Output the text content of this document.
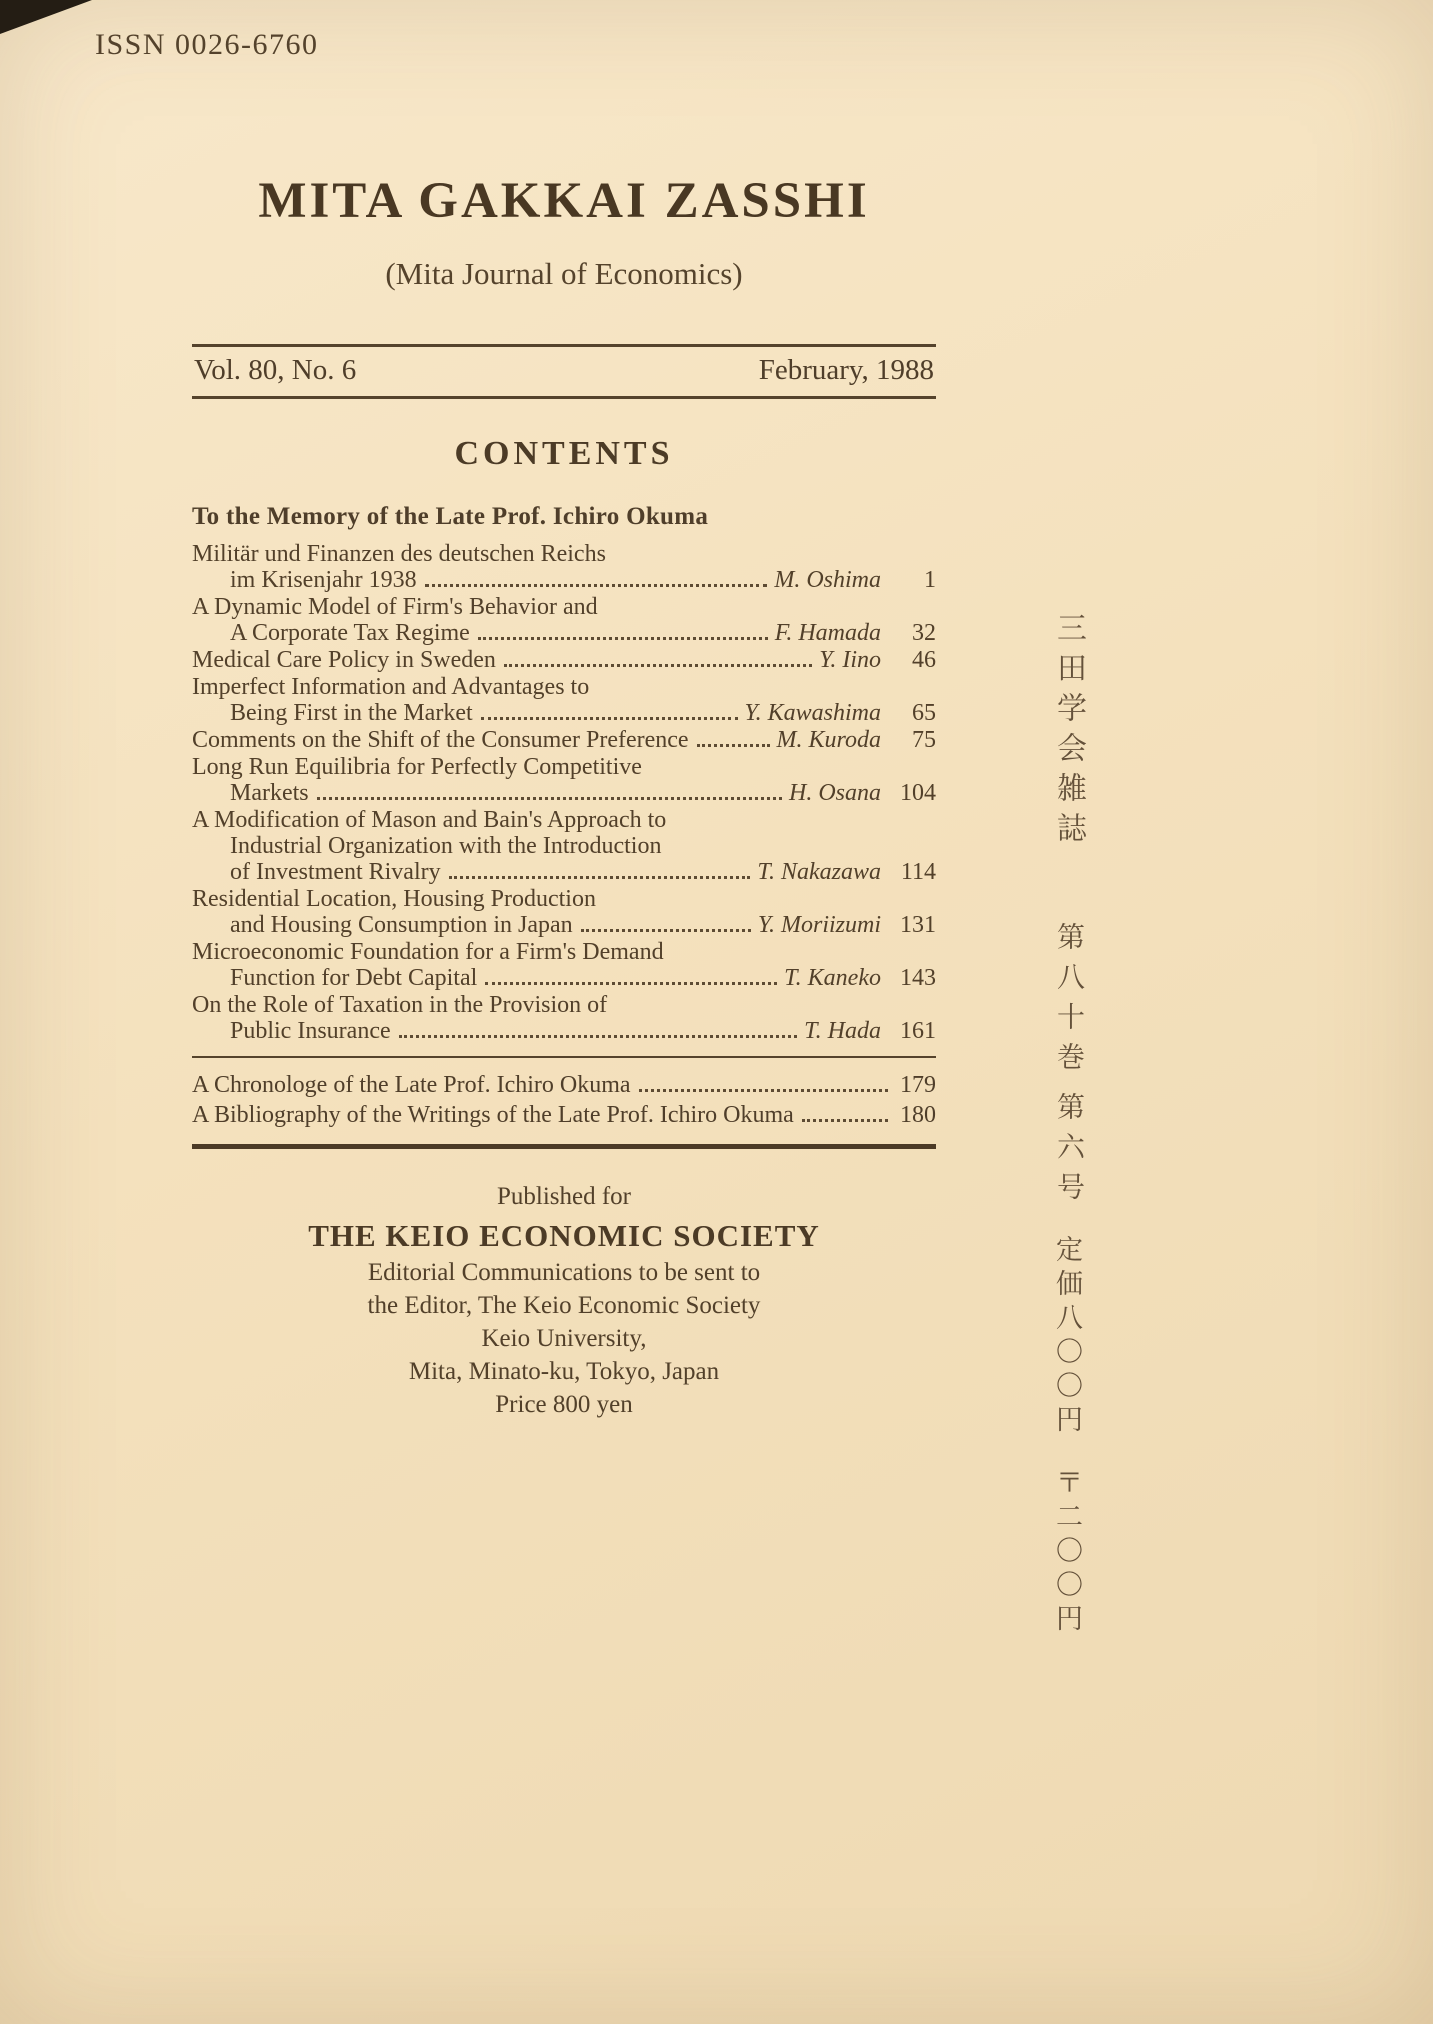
ISSN 0026-6760
MITA GAKKAI ZASSHI
(Mita Journal of Economics)
Vol. 80, No. 6	February, 1988
CONTENTS
To the Memory of the Late Prof. Ichiro Okuma
Militär und Finanzen des deutschen Reichs
im Krisenjahr 1938	M. Oshima	1
A Dynamic Model of Firm's Behavior and
A Corporate Tax Regime	F. Hamada	32
Medical Care Policy in Sweden	Y. Iino	46
Imperfect Information and Advantages to
Being First in the Market	Y. Kawashima	65
Comments on the Shift of the Consumer Preference	M. Kuroda	75
Long Run Equilibria for Perfectly Competitive
Markets	H. Osana 104
A Modification of Mason and Bain's Approach to
Industrial Organization with the Introduction
of Investment Rivalry	T. Nakazawa 114
Residential Location, Housing Production
and Housing Consumption in Japan	Y. Moriizumi 131
Microeconomic Foundation for a Firm's Demand
Function for Debt Capital	T. Kaneko 143
On the Role of Taxation in the Provision of
Public Insurance	T. Hada 161
A Chronologe of the Late Prof. Ichiro Okuma	179
A Bibliography of the Writings of the Late Prof. Ichiro Okuma	180
Published for
THE KEIO ECONOMIC SOCIETY
Editorial Communications to be sent to
the Editor, The Keio Economic Society
Keio University,
Mita, Minato-ku, Tokyo, Japan
Price 800 yen
三田学会雑誌
第八十巻
第六号
定価八〇〇円
〒二〇〇円
